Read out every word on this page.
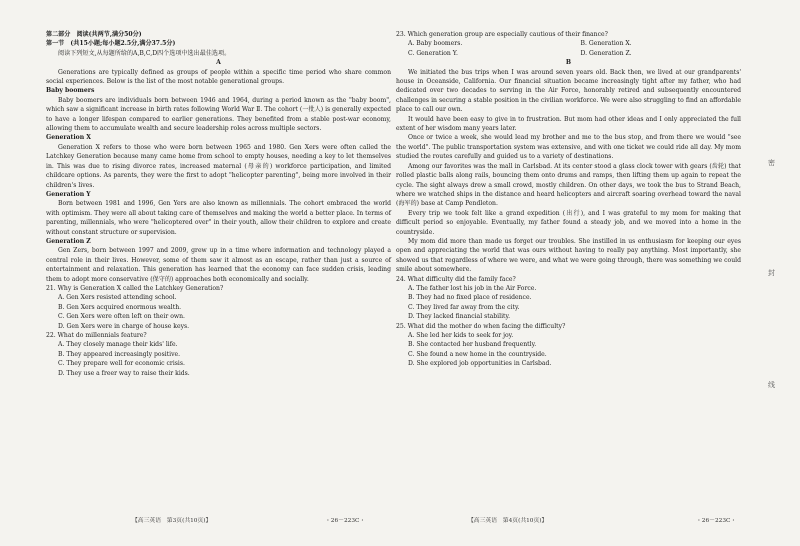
第二部分　阅读(共两节,满分50分)

第一节　(共15小题;每小题2.5分,满分37.5分)

阅读下列短文,从每题所给的A,B,C,D四个选项中选出最佳选项。

A

Generations are typically defined as groups of people within a specific time period who share common social experiences. Below is the list of the most notable generational groups.

Baby boomers

Baby boomers are individuals born between 1946 and 1964, during a period known as the "baby boom", which saw a significant increase in birth rates following World War Ⅱ. The cohort (一批人) is generally expected to have a longer lifespan compared to earlier generations. They benefited from a stable post-war economy, allowing them to accumulate wealth and secure leadership roles across multiple sectors.

Generation X

Generation X refers to those who were born between 1965 and 1980. Gen Xers were often called the Latchkey Generation because many came home from school to empty houses, needing a key to let themselves in. This was due to rising divorce rates, increased maternal (母亲的) workforce participation, and limited childcare options. As parents, they were the first to adopt "helicopter parenting", being more involved in their children's lives.

Generation Y

Born between 1981 and 1996, Gen Yers are also known as millennials. The cohort embraced the world with optimism. They were all about taking care of themselves and making the world a better place. In terms of parenting, millennials, who were "helicoptered over" in their youth, allow their children to explore and create without constant structure or supervision.

Generation Z

Gen Zers, born between 1997 and 2009, grew up in a time where information and technology played a central role in their lives. However, some of them saw it almost as an escape, rather than just a source of entertainment and relaxation. This generation has learned that the economy can face sudden crisis, leading them to adopt more conservative (保守的) approaches both economically and socially.

21. Why is Generation X called the Latchkey Generation?

A. Gen Xers resisted attending school.

B. Gen Xers acquired enormous wealth.

C. Gen Xers were often left on their own.

D. Gen Xers were in charge of house keys.

22. What do millennials feature?

A. They closely manage their kids' life.

B. They appeared increasingly positive.

C. They prepare well for economic crisis.

D. They use a freer way to raise their kids.

23. Which generation group are especially cautious of their finance?

A. Baby boomers.	B. Generation X.
C. Generation Y.	D. Generation Z.

B

We initiated the bus trips when I was around seven years old. Back then, we lived at our grandparents' house in Oceanside, California. Our financial situation became increasingly tight after my father, who had dedicated over two decades to serving in the Air Force, honorably retired and subsequently encountered challenges in securing a stable position in the civilian workforce. We were also struggling to find an affordable place to call our own.

It would have been easy to give in to frustration. But mom had other ideas and I only appreciated the full extent of her wisdom many years later.

Once or twice a week, she would lead my brother and me to the bus stop, and from there we would "see the world". The public transportation system was extensive, and with one ticket we could ride all day. My mom studied the routes carefully and guided us to a variety of destinations.

Among our favorites was the mall in Carlsbad. At its center stood a glass clock tower with gears (齿轮) that rolled plastic balls along rails, bouncing them onto drums and ramps, then lifting them up again to repeat the cycle. The sight always drew a small crowd, mostly children. On other days, we took the bus to Strand Beach, where we watched ships in the distance and heard helicopters and aircraft soaring overhead toward the naval (海军的) base at Camp Pendleton.

Every trip we took felt like a grand expedition (出行), and I was grateful to my mom for making that difficult period so enjoyable. Eventually, my father found a steady job, and we moved into a home in the countryside.

My mom did more than made us forget our troubles. She instilled in us enthusiasm for keeping our eyes open and appreciating the world that was ours without having to really pay anything. Most importantly, she showed us that regardless of where we were, and what we were going through, there was something we could smile about somewhere.

24. What difficulty did the family face?

A. The father lost his job in the Air Force.

B. They had no fixed place of residence.

C. They lived far away from the city.

D. They lacked financial stability.

25. What did the mother do when facing the difficulty?

A. She led her kids to seek for joy.

B. She contacted her husband frequently.

C. She found a new home in the countryside.

D. She explored job opportunities in Carlsbad.

【高三英语　第3页(共10页)】	・26－223C・	【高三英语　第4页(共10页)】	・26－223C・
密
封
线
